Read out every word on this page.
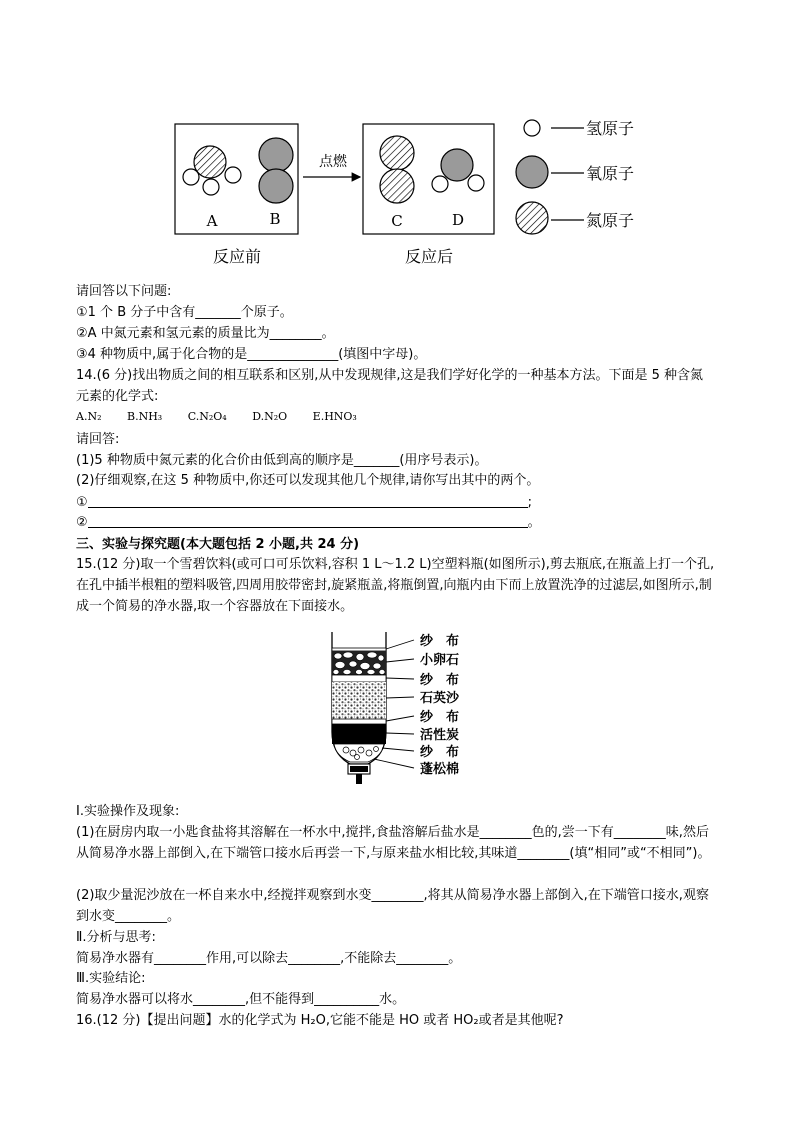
A	B
点燃
C	D
反应前	反应后
氢原子
氧原子
氮原子
请回答以下问题:
①1 个 B 分子中含有_______个原子。
②A 中氮元素和氢元素的质量比为________。
③4 种物质中,属于化合物的是______________(填图中字母)。
14.(6 分)找出物质之间的相互联系和区别,从中发现规律,这是我们学好化学的一种基本方法。下面是 5 种含氮元素的化学式:
A.N₂ B.NH₃ C.N₂O₄ D.N₂O E.HNO₃
请回答:
(1)5 种物质中氮元素的化合价由低到高的顺序是_______(用序号表示)。
(2)仔细观察,在这 5 种物质中,你还可以发现其他几个规律,请你写出其中的两个。
①	;
②	。
三、实验与探究题(本大题包括 2 小题,共 24 分)
15.(12 分)取一个雪碧饮料(或可口可乐饮料,容积 1 L～1.2 L)空塑料瓶(如图所示),剪去瓶底,在瓶盖上打一个孔,在孔中插半根粗的塑料吸管,四周用胶带密封,旋紧瓶盖,将瓶倒置,向瓶内由下而上放置洗净的过滤层,如图所示,制成一个简易的净水器,取一个容器放在下面接水。
纱　布
小卵石
纱　布
石英沙
纱　布
活性炭
纱　布
蓬松棉
Ⅰ.实验操作及现象:
(1)在厨房内取一小匙食盐将其溶解在一杯水中,搅拌,食盐溶解后盐水是________色的,尝一下有________味,然后从简易净水器上部倒入,在下端管口接水后再尝一下,与原来盐水相比较,其味道________(填“相同”或“不相同”)。
(2)取少量泥沙放在一杯自来水中,经搅拌观察到水变________,将其从简易净水器上部倒入,在下端管口接水,观察到水变________。
Ⅱ.分析与思考:
简易净水器有________作用,可以除去________,不能除去________。
Ⅲ.实验结论:
简易净水器可以将水________,但不能得到__________水。
16.(12 分)【提出问题】水的化学式为 H₂O,它能不能是 HO 或者 HO₂或者是其他呢?
